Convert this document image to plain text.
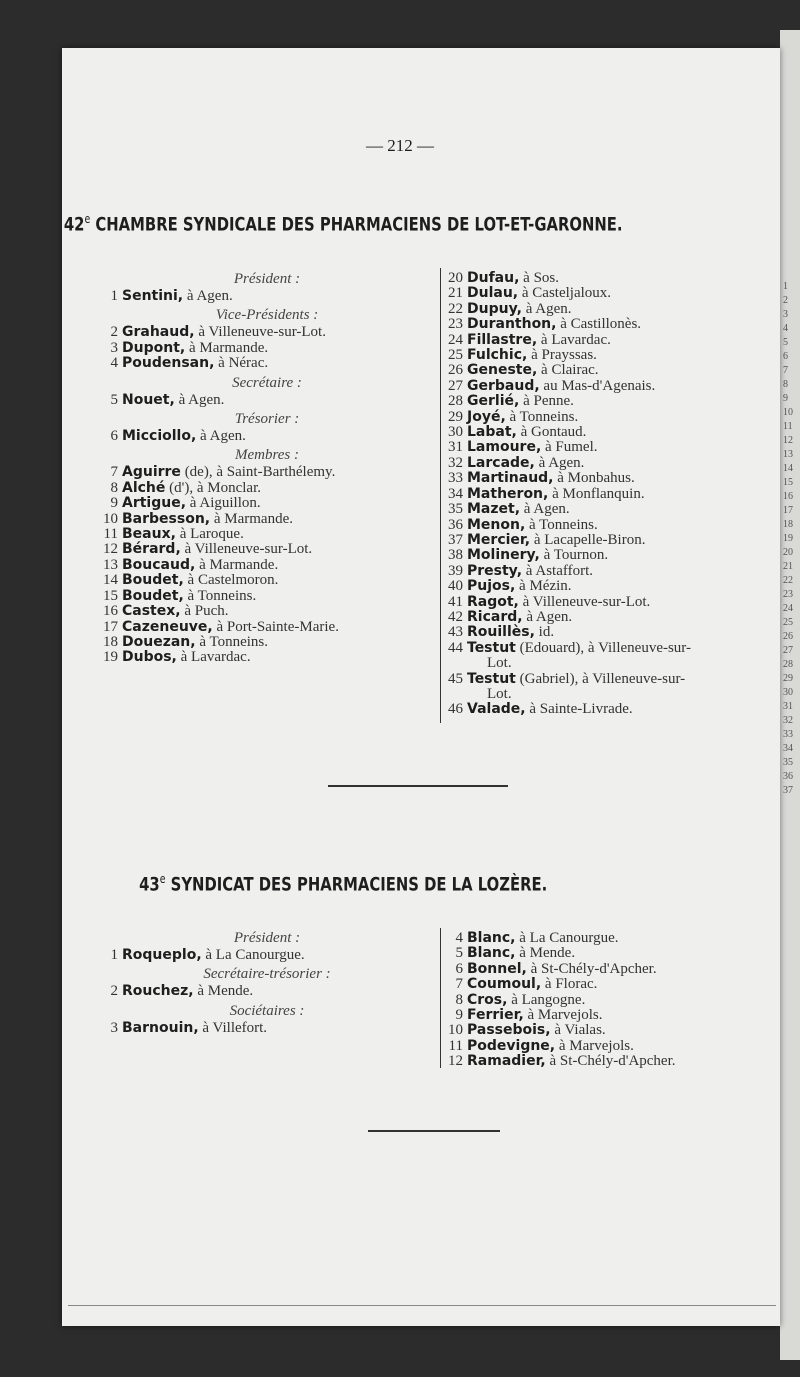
1
2
3
4
5
6
7
8
9
10
11
12
13
14
15
16
17
18
19
20
21
22
23
24
25
26
27
28
29
30
31
32
33
34
35
36
37
— 212 —
42e CHAMBRE SYNDICALE DES PHARMACIENS DE LOT-ET-GARONNE.
Président :
1 Sentini, à Agen.
Vice-Présidents :
2 Grahaud, à Villeneuve-sur-Lot.
3 Dupont, à Marmande.
4 Poudensan, à Nérac.
Secrétaire :
5 Nouet, à Agen.
Trésorier :
6 Micciollo, à Agen.
Membres :
7 Aguirre (de), à Saint-Barthélemy.
8 Alché (d'), à Monclar.
9 Artigue, à Aiguillon.
10 Barbesson, à Marmande.
11 Beaux, à Laroque.
12 Bérard, à Villeneuve-sur-Lot.
13 Boucaud, à Marmande.
14 Boudet, à Castelmoron.
15 Boudet, à Tonneins.
16 Castex, à Puch.
17 Cazeneuve, à Port-Sainte-Marie.
18 Douezan, à Tonneins.
19 Dubos, à Lavardac.
20 Dufau, à Sos.
21 Dulau, à Casteljaloux.
22 Dupuy, à Agen.
23 Duranthon, à Castillonès.
24 Fillastre, à Lavardac.
25 Fulchic, à Prayssas.
26 Geneste, à Clairac.
27 Gerbaud, au Mas-d'Agenais.
28 Gerlié, à Penne.
29 Joyé, à Tonneins.
30 Labat, à Gontaud.
31 Lamoure, à Fumel.
32 Larcade, à Agen.
33 Martinaud, à Monbahus.
34 Matheron, à Monflanquin.
35 Mazet, à Agen.
36 Menon, à Tonneins.
37 Mercier, à Lacapelle-Biron.
38 Molinery, à Tournon.
39 Presty, à Astaffort.
40 Pujos, à Mézin.
41 Ragot, à Villeneuve-sur-Lot.
42 Ricard, à Agen.
43 Rouillès, id.
44 Testut (Edouard), à Villeneuve-sur-
Lot.
45 Testut (Gabriel), à Villeneuve-sur-
Lot.
46 Valade, à Sainte-Livrade.
43e SYNDICAT DES PHARMACIENS DE LA LOZÈRE.
Président :
1 Roqueplo, à La Canourgue.
Secrétaire-trésorier :
2 Rouchez, à Mende.
Sociétaires :
3 Barnouin, à Villefort.
4 Blanc, à La Canourgue.
5 Blanc, à Mende.
6 Bonnel, à St-Chély-d'Apcher.
7 Coumoul, à Florac.
8 Cros, à Langogne.
9 Ferrier, à Marvejols.
10 Passebois, à Vialas.
11 Podevigne, à Marvejols.
12 Ramadier, à St-Chély-d'Apcher.
